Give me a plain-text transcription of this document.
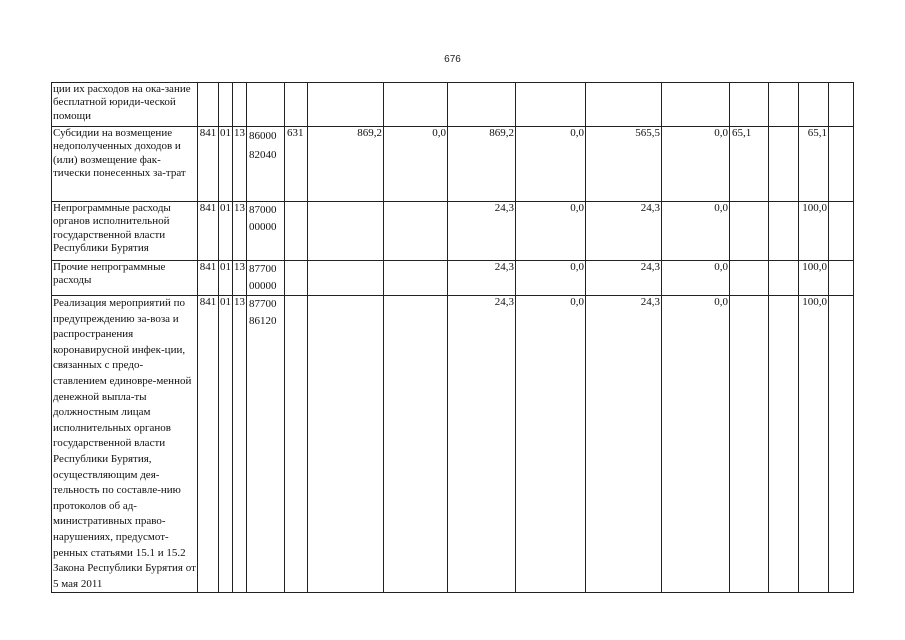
676
ции их расходов на ока-зание бесплатной юриди-ческой помощи															
Субсидии на возмещение недополученных доходов и (или) возмещение фак-тически понесенных за-трат	841	01	13	86000 82040	631	869,2	0,0	869,2	0,0	565,5	0,0	65,1		65,1	
Непрограммные расходы органов исполнительной государственной власти Республики Бурятия	841	01	13	87000 00000				24,3	0,0	24,3	0,0			100,0	
Прочие непрограммные расходы	841	01	13	87700 00000				24,3	0,0	24,3	0,0			100,0	
Реализация мероприятий по предупреждению за-воза и распространения коронавирусной инфек-ции, связанных с предо-ставлением единовре-менной денежной выпла-ты должностным лицам исполнительных органов государственной власти Республики Бурятия, осуществляющим дея-тельность по составле-нию протоколов об ад-министративных право-нарушениях, предусмот-ренных статьями 15.1 и 15.2 Закона Республики Бурятия от 5 мая 2011	841	01	13	87700 86120				24,3	0,0	24,3	0,0			100,0	
